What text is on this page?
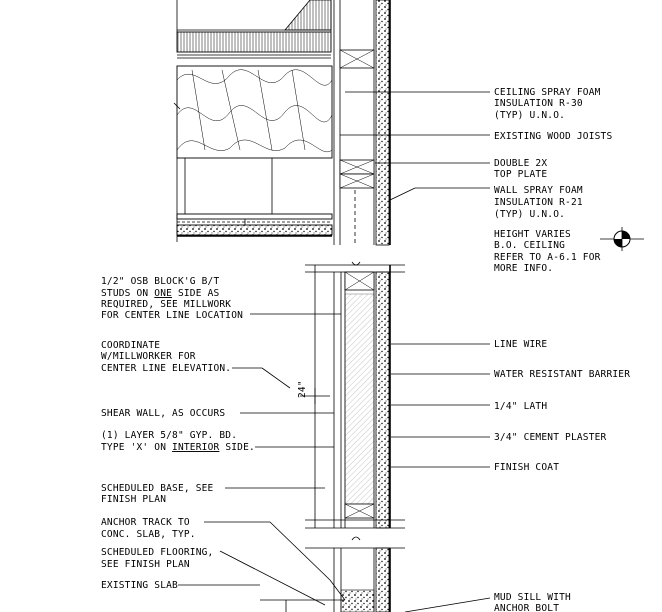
24"
CEILING SPRAY FOAM
INSULATION R-30
(TYP) U.N.O.
EXISTING WOOD JOISTS
DOUBLE 2X
TOP PLATE
WALL SPRAY FOAM
INSULATION R-21
(TYP) U.N.O.
HEIGHT VARIES
B.O. CEILING
REFER TO A-6.1 FOR
MORE INFO.
LINE WIRE
WATER RESISTANT BARRIER
1/4" LATH
3/4" CEMENT PLASTER
FINISH COAT
MUD SILL WITH
ANCHOR BOLT
1/2" OSB BLOCK'G B/T
STUDS ON ONE SIDE AS
REQUIRED, SEE MILLWORK
FOR CENTER LINE LOCATION
COORDINATE
W/MILLWORKER FOR
CENTER LINE ELEVATION.
SHEAR WALL, AS OCCURS
(1) LAYER 5/8" GYP. BD.
TYPE 'X' ON INTERIOR SIDE.
SCHEDULED BASE, SEE
FINISH PLAN
ANCHOR TRACK TO
CONC. SLAB, TYP.
SCHEDULED FLOORING,
SEE FINISH PLAN
EXISTING SLAB
